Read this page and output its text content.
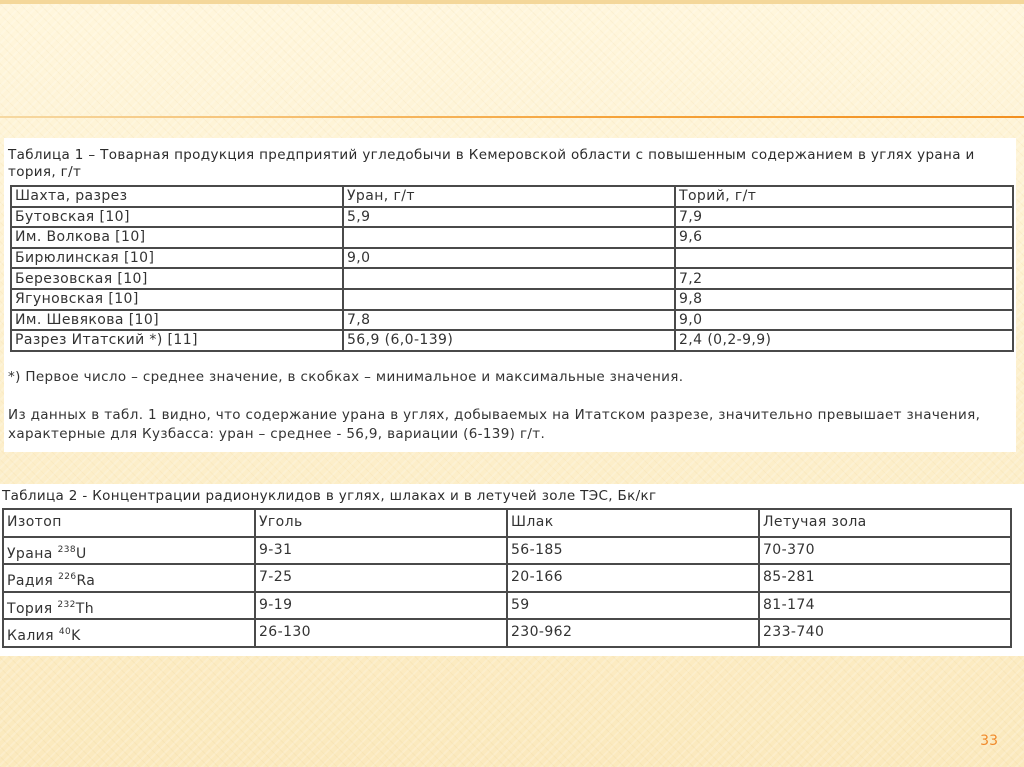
Таблица 1 – Товарная продукция предприятий угледобычи в Кемеровской области с повышенным содержанием в углях урана и тория, г/т
Шахта, разрез	Уран, г/т	Торий, г/т
Бутовская [10]	5,9	7,9
Им. Волкова [10]		9,6
Бирюлинская [10]	9,0	
Березовская [10]		7,2
Ягуновская [10]		9,8
Им. Шевякова [10]	7,8	9,0
Разрез Итатский *) [11]	56,9 (6,0-139)	2,4 (0,2-9,9)
*) Первое число – среднее значение, в скобках – минимальное и максимальные значения.
Из данных в табл. 1 видно, что содержание урана в углях, добываемых на Итатском разрезе, значительно превышает значения, характерные для Кузбасса: уран – среднее - 56,9, вариации (6-139) г/т.
Таблица 2 - Концентрации радионуклидов в углях, шлаках и в летучей золе ТЭС, Бк/кг
Изотоп	Уголь	Шлак	Летучая зола
Урана $^{238}$U	9-31	56-185	70-370
Радия $^{226}$Ra	7-25	20-166	85-281
Тория $^{232}$Th	9-19	59	81-174
Калия $^{40}$K	26-130	230-962	233-740
33
